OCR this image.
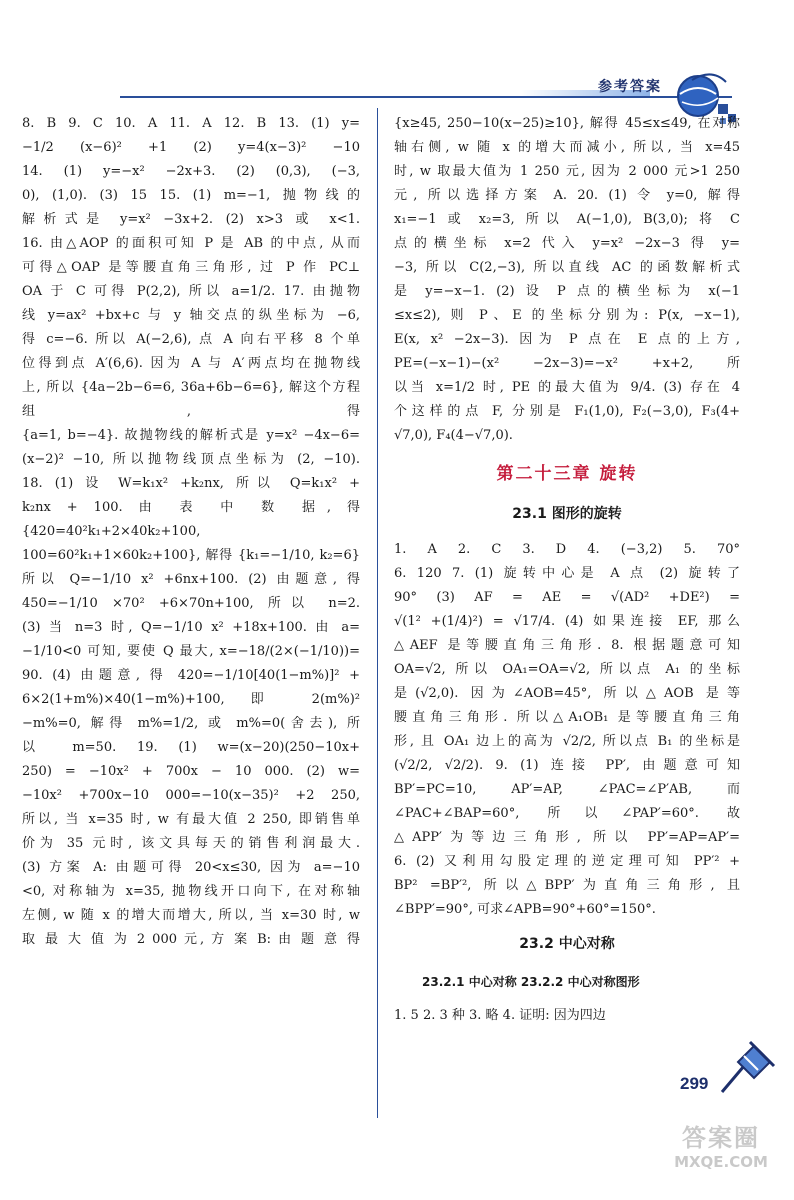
参考答案
8. B 9. C 10. A 11. A 12. B 13. (1) y=
−1/2 (x−6)² +1 (2) y=4(x−3)² −10
14. (1) y=−x² −2x+3. (2) (0,3), (−3,
0), (1,0). (3) 15 15. (1) m=−1, 抛物线的
解析式是 y=x² −3x+2. (2) x>3 或 x<1.
16. 由△AOP 的面积可知 P 是 AB 的中点, 从而
可得△OAP 是等腰直角三角形, 过 P 作 PC⊥
OA 于 C 可得 P(2,2), 所以 a=1/2. 17. 由抛物
线 y=ax² +bx+c 与 y 轴交点的纵坐标为 −6,
得 c=−6. 所以 A(−2,6), 点 A 向右平移 8 个单
位得到点 A′(6,6). 因为 A 与 A′两点均在抛物线
上, 所以 {4a−2b−6=6, 36a+6b−6=6}, 解这个方程组, 得
{a=1, b=−4}. 故抛物线的解析式是 y=x² −4x−6=
(x−2)² −10, 所以抛物线顶点坐标为 (2, −10).
18. (1) 设 W=k₁x² +k₂nx, 所以 Q=k₁x² +
k₂nx + 100. 由 表 中 数 据, 得
{420=40²k₁+2×40k₂+100, 100=60²k₁+1×60k₂+100}, 解得 {k₁=−1/10, k₂=6}
所以 Q=−1/10 x² +6nx+100. (2) 由题意, 得
450=−1/10 ×70² +6×70n+100, 所以 n=2.
(3) 当 n=3 时, Q=−1/10 x² +18x+100. 由 a=
−1/10<0 可知, 要使 Q 最大, x=−18/(2×(−1/10))=
90. (4) 由题意, 得 420=−1/10[40(1−m%)]² +
6×2(1+m%)×40(1−m%)+100, 即 2(m%)²
−m%=0, 解得 m%=1/2, 或 m%=0(舍去), 所
以 m=50. 19. (1) w=(x−20)(250−10x+
250) = −10x² + 700x − 10 000. (2) w=
−10x² +700x−10 000=−10(x−35)² +2 250,
所以, 当 x=35 时, w 有最大值 2 250, 即销售单
价为 35 元时, 该文具每天的销售利润最大.
(3) 方案 A: 由题可得 20<x≤30, 因为 a=−10
<0, 对称轴为 x=35, 抛物线开口向下, 在对称轴
左侧, w 随 x 的增大而增大, 所以, 当 x=30 时, w
取 最 大 值 为 2 000 元, 方 案 B: 由 题 意 得
{x≥45, 250−10(x−25)≥10}, 解得 45≤x≤49, 在对称
轴右侧, w 随 x 的增大而减小, 所以, 当 x=45
时, w 取最大值为 1 250 元, 因为 2 000 元>1 250
元, 所以选择方案 A. 20. (1) 令 y=0, 解得
x₁=−1 或 x₂=3, 所以 A(−1,0), B(3,0); 将 C
点的横坐标 x=2 代入 y=x² −2x−3 得 y=
−3, 所以 C(2,−3), 所以直线 AC 的函数解析式
是 y=−x−1. (2) 设 P 点的横坐标为 x(−1
≤x≤2), 则 P、E 的坐标分别为: P(x, −x−1),
E(x, x² −2x−3). 因为 P 点在 E 点的上方,
PE=(−x−1)−(x² −2x−3)=−x² +x+2, 所
以当 x=1/2 时, PE 的最大值为 9/4. (3) 存在 4
个这样的点 F, 分别是 F₁(1,0), F₂(−3,0), F₃(4+
√7,0), F₄(4−√7,0).
第二十三章 旋转
23.1 图形的旋转
1. A 2. C 3. D 4. (−3,2) 5. 70°
6. 120 7. (1) 旋转中心是 A 点 (2) 旋转了
90° (3) AF = AE = √(AD² +DE²) =
√(1² +(1/4)²) = √17/4. (4) 如果连接 EF, 那么
△AEF 是等腰直角三角形. 8. 根据题意可知
OA=√2, 所以 OA₁=OA=√2, 所以点 A₁ 的坐标
是(√2,0). 因为∠AOB=45°, 所以△AOB 是等
腰直角三角形. 所以△A₁OB₁ 是等腰直角三角
形, 且 OA₁ 边上的高为 √2/2, 所以点 B₁ 的坐标是
(√2/2, √2/2). 9. (1) 连接 PP′, 由题意可知
BP′=PC=10, AP′=AP, ∠PAC=∠P′AB, 而
∠PAC+∠BAP=60°, 所以∠PAP′=60°. 故
△APP′为等边三角形, 所以 PP′=AP=AP′=
6. (2) 又利用勾股定理的逆定理可知 PP′² +
BP² =BP′², 所以△BPP′为直角三角形, 且
∠BPP′=90°, 可求∠APB=90°+60°=150°.
23.2 中心对称
23.2.1 中心对称 23.2.2 中心对称图形
1. 5 2. 3 种 3. 略 4. 证明: 因为四边
299
答案圈
MXQE.COM
